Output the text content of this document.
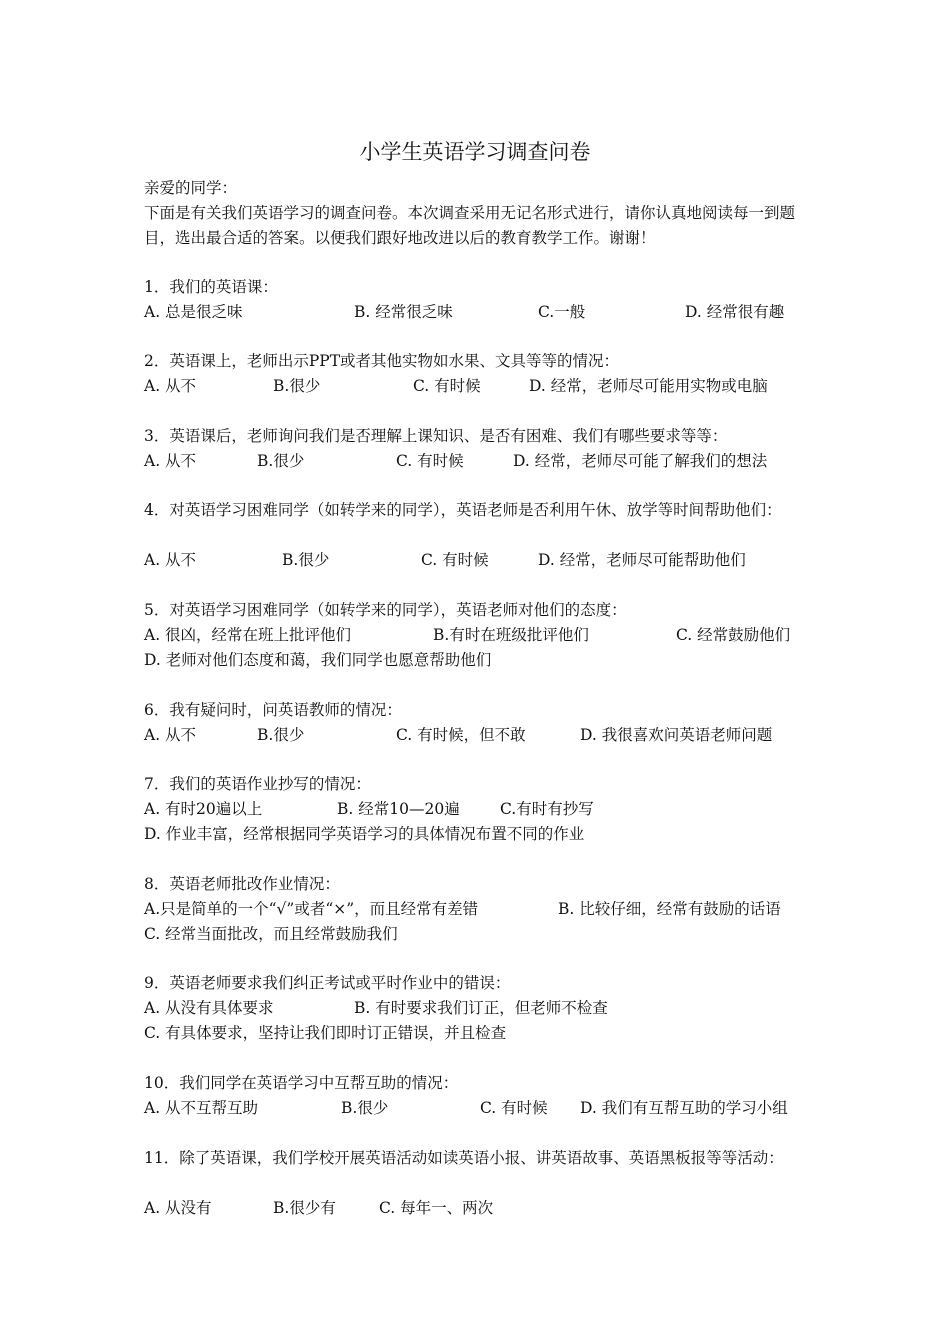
小学生英语学习调查问卷
亲爱的同学：
下面是有关我们英语学习的调查问卷。本次调查采用无记名形式进行，请你认真地阅读每一到题目，选出最合适的答案。以便我们跟好地改进以后的教育教学工作。谢谢！
1．我们的英语课：
A. 总是很乏味	B. 经常很乏味	C.一般	D. 经常很有趣
2．英语课上，老师出示PPT或者其他实物如水果、文具等等的情况：
A. 从不	B.很少	C. 有时候	D. 经常，老师尽可能用实物或电脑
3．英语课后，老师询问我们是否理解上课知识、是否有困难、我们有哪些要求等等：
A. 从不	B.很少	C. 有时候	D. 经常，老师尽可能了解我们的想法
4．对英语学习困难同学（如转学来的同学），英语老师是否利用午休、放学等时间帮助他们：
A. 从不	B.很少	C. 有时候	D. 经常，老师尽可能帮助他们
5．对英语学习困难同学（如转学来的同学），英语老师对他们的态度：
A. 很凶，经常在班上批评他们	B.有时在班级批评他们	C. 经常鼓励他们
D. 老师对他们态度和蔼，我们同学也愿意帮助他们
6．我有疑问时，问英语教师的情况：
A. 从不	B.很少	C. 有时候，但不敢	D. 我很喜欢问英语老师问题
7．我们的英语作业抄写的情况：
A. 有时20遍以上	B. 经常10—20遍	C.有时有抄写
D. 作业丰富，经常根据同学英语学习的具体情况布置不同的作业
8．英语老师批改作业情况：
A.只是简单的一个“√”或者“×”，而且经常有差错	B. 比较仔细，经常有鼓励的话语
C. 经常当面批改，而且经常鼓励我们
9．英语老师要求我们纠正考试或平时作业中的错误：
A. 从没有具体要求	B. 有时要求我们订正，但老师不检查
C. 有具体要求，坚持让我们即时订正错误，并且检查
10．我们同学在英语学习中互帮互助的情况：
A. 从不互帮互助	B.很少	C. 有时候 D. 我们有互帮互助的学习小组
11．除了英语课，我们学校开展英语活动如读英语小报、讲英语故事、英语黑板报等等活动：
A. 从没有	B.很少有	C. 每年一、两次
